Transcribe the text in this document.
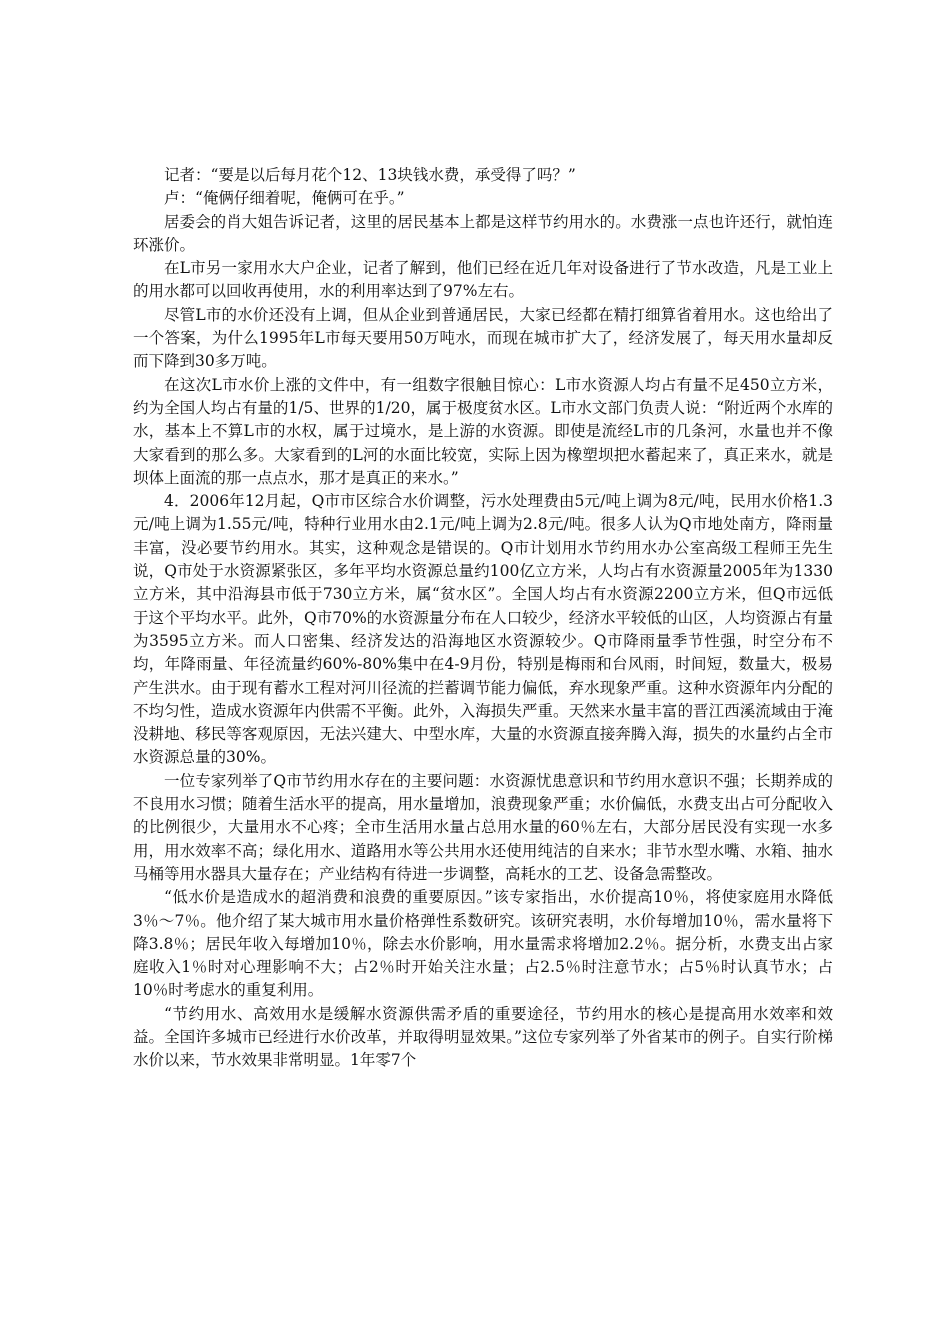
记者：“要是以后每月花个12、13块钱水费，承受得了吗？”

卢：“俺俩仔细着呢，俺俩可在乎。”

居委会的肖大姐告诉记者，这里的居民基本上都是这样节约用水的。水费涨一点也许还行，就怕连环涨价。

在L市另一家用水大户企业，记者了解到，他们已经在近几年对设备进行了节水改造，凡是工业上的用水都可以回收再使用，水的利用率达到了97%左右。

尽管L市的水价还没有上调，但从企业到普通居民，大家已经都在精打细算省着用水。这也给出了一个答案，为什么1995年L市每天要用50万吨水，而现在城市扩大了，经济发展了，每天用水量却反而下降到30多万吨。

在这次L市水价上涨的文件中，有一组数字很触目惊心：L市水资源人均占有量不足450立方米，约为全国人均占有量的1/5、世界的1/20，属于极度贫水区。L市水文部门负责人说：“附近两个水库的水，基本上不算L市的水权，属于过境水，是上游的水资源。即使是流经L市的几条河，水量也并不像大家看到的那么多。大家看到的L河的水面比较宽，实际上因为橡塑坝把水蓄起来了，真正来水，就是坝体上面流的那一点点水，那才是真正的来水。”

4．2006年12月起，Q市市区综合水价调整，污水处理费由5元/吨上调为8元/吨，民用水价格1.3元/吨上调为1.55元/吨，特种行业用水由2.1元/吨上调为2.8元/吨。很多人认为Q市地处南方，降雨量丰富，没必要节约用水。其实，这种观念是错误的。Q市计划用水节约用水办公室高级工程师王先生说，Q市处于水资源紧张区，多年平均水资源总量约100亿立方米，人均占有水资源量2005年为1330立方米，其中沿海县市低于730立方米，属“贫水区”。全国人均占有水资源2200立方米，但Q市远低于这个平均水平。此外，Q市70%的水资源量分布在人口较少，经济水平较低的山区，人均资源占有量为3595立方米。而人口密集、经济发达的沿海地区水资源较少。Q市降雨量季节性强，时空分布不均，年降雨量、年径流量约60%-80%集中在4-9月份，特别是梅雨和台风雨，时间短，数量大，极易产生洪水。由于现有蓄水工程对河川径流的拦蓄调节能力偏低，弃水现象严重。这种水资源年内分配的不均匀性，造成水资源年内供需不平衡。此外，入海损失严重。天然来水量丰富的晋江西溪流域由于淹没耕地、移民等客观原因，无法兴建大、中型水库，大量的水资源直接奔腾入海，损失的水量约占全市水资源总量的30%。

一位专家列举了Q市节约用水存在的主要问题：水资源忧患意识和节约用水意识不强；长期养成的不良用水习惯；随着生活水平的提高，用水量增加，浪费现象严重；水价偏低，水费支出占可分配收入的比例很少，大量用水不心疼；全市生活用水量占总用水量的60％左右，大部分居民没有实现一水多用，用水效率不高；绿化用水、道路用水等公共用水还使用纯洁的自来水；非节水型水嘴、水箱、抽水马桶等用水器具大量存在；产业结构有待进一步调整，高耗水的工艺、设备急需整改。

“低水价是造成水的超消费和浪费的重要原因。”该专家指出，水价提高10％，将使家庭用水降低3％～7％。他介绍了某大城市用水量价格弹性系数研究。该研究表明，水价每增加10％，需水量将下降3.8％；居民年收入每增加10％，除去水价影响，用水量需求将增加2.2％。据分析，水费支出占家庭收入1％时对心理影响不大；占2％时开始关注水量；占2.5％时注意节水；占5％时认真节水；占10％时考虑水的重复利用。

“节约用水、高效用水是缓解水资源供需矛盾的重要途径，节约用水的核心是提高用水效率和效益。全国许多城市已经进行水价改革，并取得明显效果。”这位专家列举了外省某市的例子。自实行阶梯水价以来，节水效果非常明显。1年零7个
